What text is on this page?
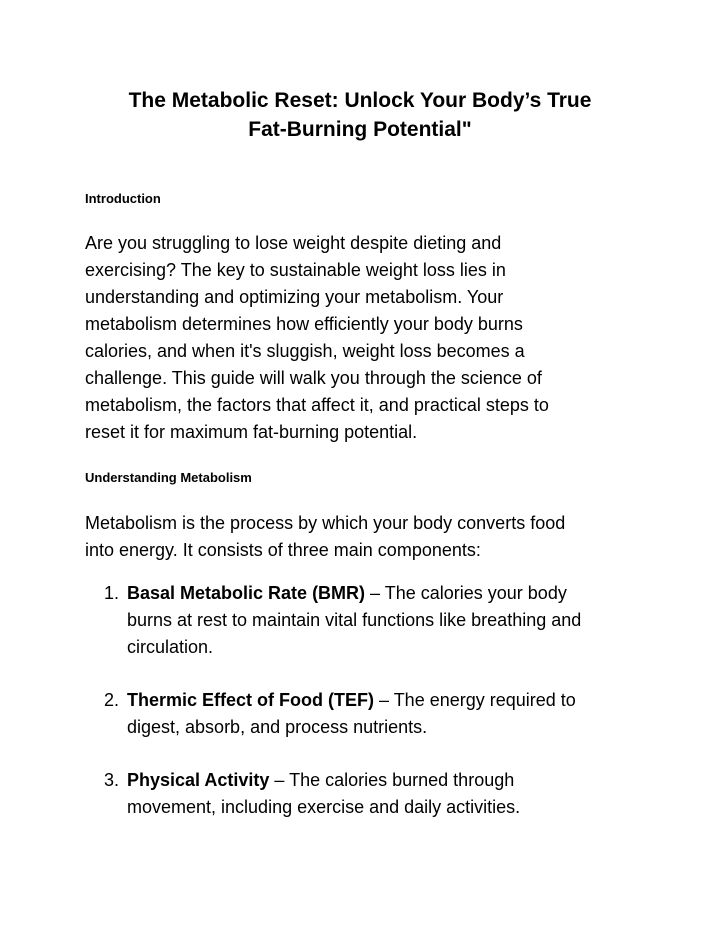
The Metabolic Reset: Unlock Your Body’s True
Fat-Burning Potential"
Introduction

Are you struggling to lose weight despite dieting and
exercising? The key to sustainable weight loss lies in
understanding and optimizing your metabolism. Your
metabolism determines how efficiently your body burns
calories, and when it's sluggish, weight loss becomes a
challenge. This guide will walk you through the science of
metabolism, the factors that affect it, and practical steps to
reset it for maximum fat-burning potential.

Understanding Metabolism

Metabolism is the process by which your body converts food
into energy. It consists of three main components:

1. Basal Metabolic Rate (BMR) – The calories your body
burns at rest to maintain vital functions like breathing and
circulation.
2. Thermic Effect of Food (TEF) – The energy required to
digest, absorb, and process nutrients.
3. Physical Activity – The calories burned through
movement, including exercise and daily activities.
